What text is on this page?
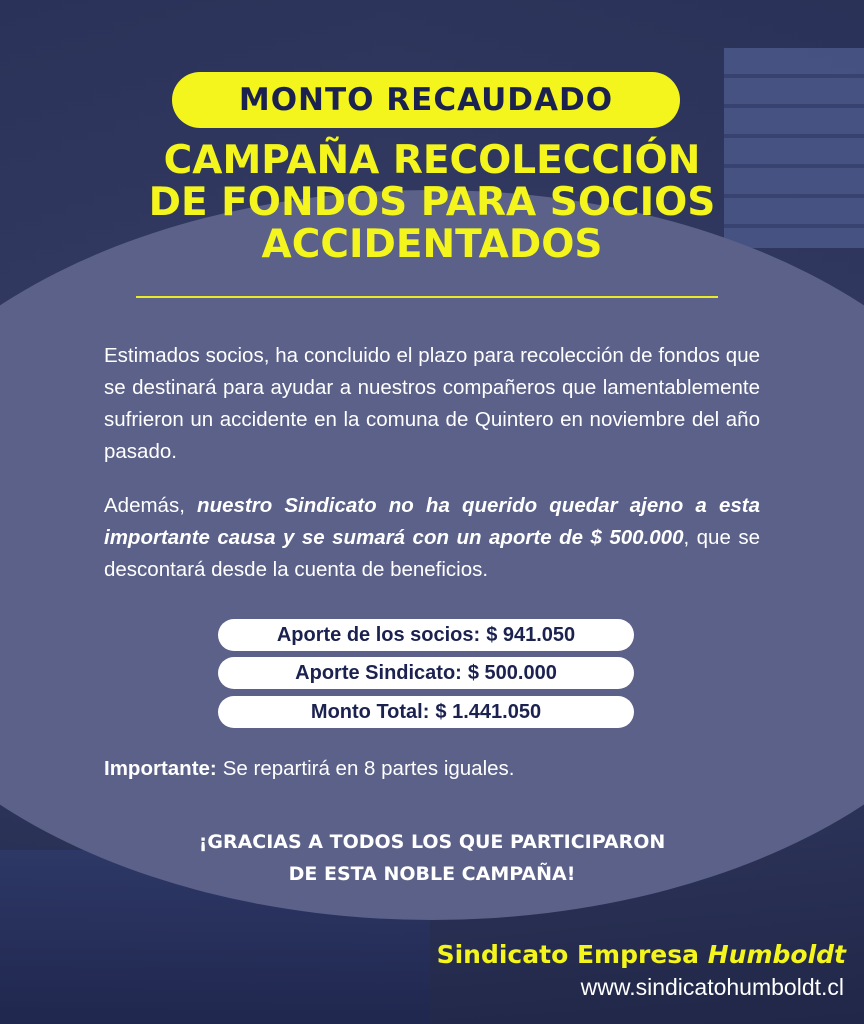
MONTO RECAUDADO
CAMPAÑA RECOLECCIÓN
DE FONDOS PARA SOCIOS
ACCIDENTADOS
Estimados socios, ha concluido el plazo para recolección de fondos que se destinará para ayudar a nuestros compañeros que lamentablemente sufrieron un accidente en la comuna de Quintero en noviembre del año pasado.
Además, nuestro Sindicato no ha querido quedar ajeno a esta importante causa y se sumará con un aporte de $ 500.000, que se descontará desde la cuenta de beneficios.
Aporte de los socios: $ 941.050
Aporte Sindicato: $ 500.000
Monto Total: $ 1.441.050
Importante: Se repartirá en 8 partes iguales.
¡GRACIAS A TODOS LOS QUE PARTICIPARON
DE ESTA NOBLE CAMPAÑA!
Sindicato Empresa Humboldt
www.sindicatohumboldt.cl
